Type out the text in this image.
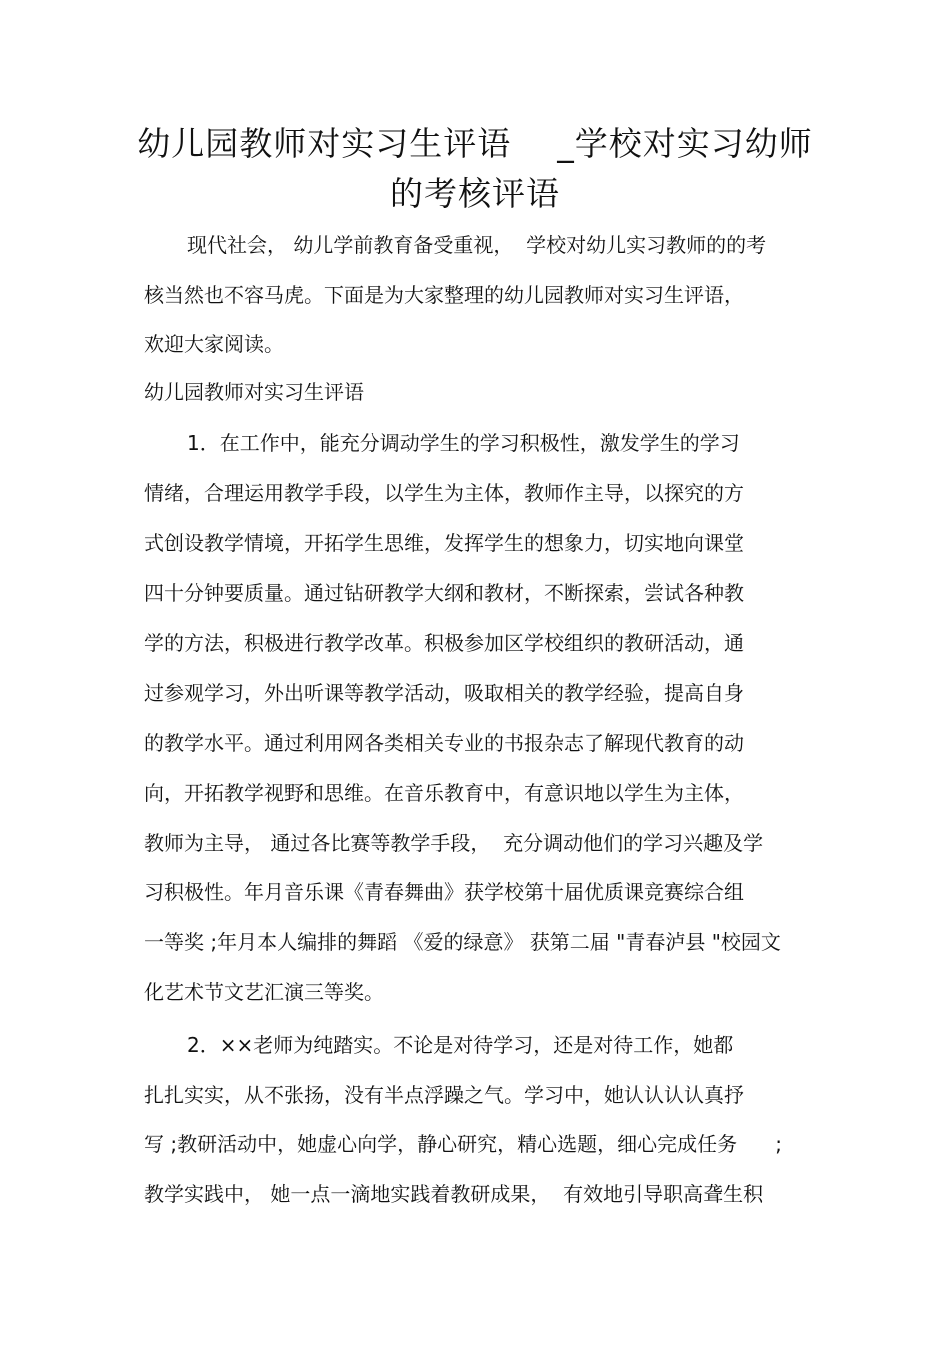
幼儿园教师对实习生评语    _学校对实习幼师
的考核评语

现代社会， 幼儿学前教育备受重视，  学校对幼儿实习教师的的考

核当然也不容马虎。下面是为大家整理的幼儿园教师对实习生评语，

欢迎大家阅读。

幼儿园教师对实习生评语

1．在工作中，能充分调动学生的学习积极性，激发学生的学习

情绪，合理运用教学手段，以学生为主体，教师作主导，以探究的方

式创设教学情境，开拓学生思维，发挥学生的想象力，切实地向课堂

四十分钟要质量。通过钻研教学大纲和教材，不断探索，尝试各种教

学的方法，积极进行教学改革。积极参加区学校组织的教研活动，通

过参观学习，外出听课等教学活动，吸取相关的教学经验，提高自身

的教学水平。通过利用网各类相关专业的书报杂志了解现代教育的动

向，开拓教学视野和思维。在音乐教育中，有意识地以学生为主体，

教师为主导， 通过各比赛等教学手段，  充分调动他们的学习兴趣及学

习积极性。年月音乐课《青春舞曲》获学校第十届优质课竞赛综合组

一等奖 ;年月本人编排的舞蹈 《爱的绿意》 获第二届 "青春泸县 "校园文

化艺术节文艺汇演三等奖。

2．××老师为纯踏实。不论是对待学习，还是对待工作，她都

扎扎实实，从不张扬，没有半点浮躁之气。学习中，她认认认认真抒

写 ;教研活动中，她虚心向学，静心研究，精心选题，细心完成任务      ;

教学实践中， 她一点一滴地实践着教研成果，  有效地引导职高聋生积
